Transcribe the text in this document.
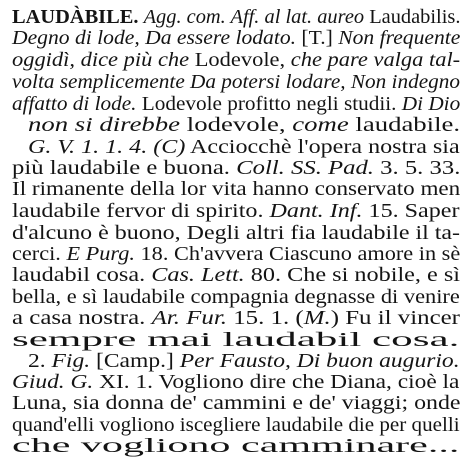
LAUDÀBILE. Agg. com. Aff. al lat. aureo Laudabilis.
Degno di lode, Da essere lodato. [T.] Non frequente
oggidì, dice più che Lodevole, che pare valga tal-
volta semplicemente Da potersi lodare, Non indegno
affatto di lode. Lodevole profitto negli studii. Di Dio
non si direbbe lodevole, come laudabile.
G. V. 1. 1. 4. (C) Acciocchè l'opera nostra sia
più laudabile e buona. Coll. SS. Pad. 3. 5. 33.
Il rimanente della lor vita hanno conservato men
laudabile fervor di spirito. Dant. Inf. 15. Saper
d'alcuno è buono, Degli altri fia laudabile il ta-
cerci. E Purg. 18. Ch'avvera Ciascuno amore in sè
laudabil cosa. Cas. Lett. 80. Che si nobile, e sì
bella, e sì laudabile compagnia degnasse di venire
a casa nostra. Ar. Fur. 15. 1. (M.) Fu il vincer
sempre mai laudabil cosa.
2. Fig. [Camp.] Per Fausto, Di buon augurio.
Giud. G. XI. 1. Vogliono dire che Diana, cioè la
Luna, sia donna de' cammini e de' viaggi; onde
quand'elli vogliono iscegliere laudabile die per quelli
che vogliono camminare...
